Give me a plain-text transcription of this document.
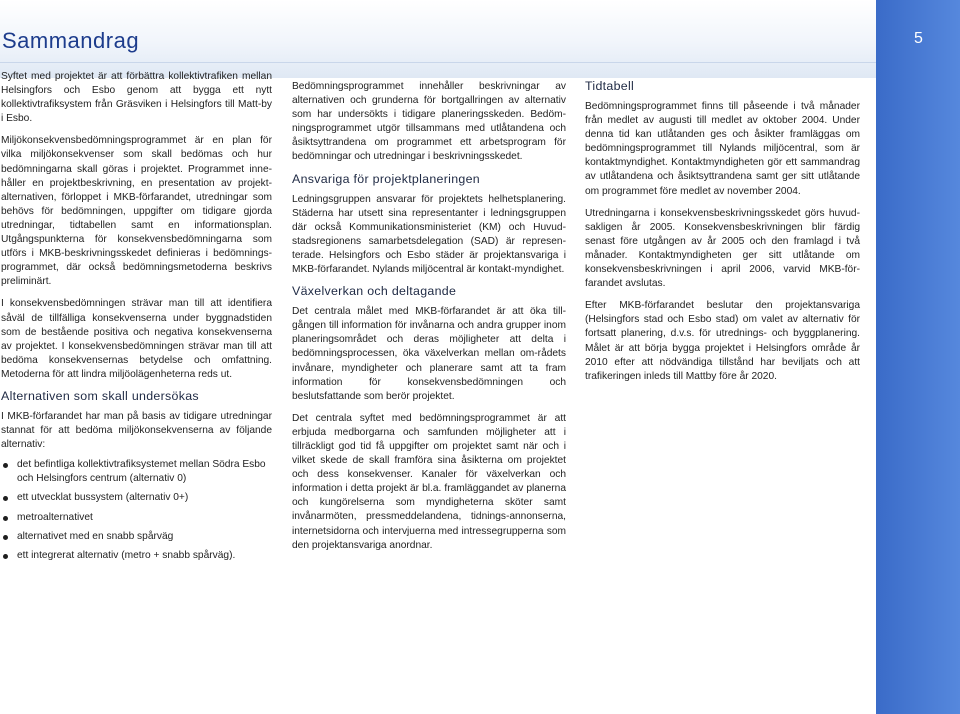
Sammandrag	5

Syftet med projektet är att förbättra kollektivtrafiken mellan Helsingfors och Esbo genom att bygga ett nytt kollektivtrafiksystem från Gräsviken i Helsingfors till Matt-by i Esbo.

Miljökonsekvensbedömningsprogrammet är en plan för vilka miljökonsekvenser som skall bedömas och hur bedömningarna skall göras i projektet. Programmet inne-håller en projektbeskrivning, en presentation av projekt-alternativen, förloppet i MKB-förfarandet, utredningar som behövs för bedömningen, uppgifter om tidigare gjorda utredningar, tidtabellen samt en informationsplan. Utgångspunkterna för konsekvensbedömningarna som utförs i MKB-beskrivningsskedet definieras i bedömnings-programmet, där också bedömningsmetoderna beskrivs preliminärt.

I konsekvensbedömningen strävar man till att identifiera såväl de tillfälliga konsekvenserna under byggnadstiden som de bestående positiva och negativa konsekvenserna av projektet. I konsekvensbedömningen strävar man till att bedöma konsekvensernas betydelse och omfattning. Metoderna för att lindra miljöolägenheterna reds ut.

Alternativen som skall undersökas

I MKB-förfarandet har man på basis av tidigare utredningar stannat för att bedöma miljökonsekvenserna av följande alternativ:

det befintliga kollektivtrafiksystemet mellan Södra Esbo och Helsingfors centrum (alternativ 0)
ett utvecklat bussystem (alternativ 0+)
metroalternativet
alternativet med en snabb spårväg
ett integrerat alternativ (metro + snabb spårväg).

Bedömningsprogrammet innehåller beskrivningar av alternativen och grunderna för bortgallringen av alternativ som har undersökts i tidigare planeringsskeden. Bedöm-ningsprogrammet utgör tillsammans med utlåtandena och åsiktsyttrandena om programmet ett arbetsprogram för bedömningar och utredningar i beskrivningsskedet.

Ansvariga för projektplaneringen

Ledningsgruppen ansvarar för projektets helhetsplanering. Städerna har utsett sina representanter i ledningsgruppen där också Kommunikationsministeriet (KM) och Huvud-stadsregionens samarbetsdelegation (SAD) är represen-terade. Helsingfors och Esbo städer är projektansvariga i MKB-förfarandet. Nylands miljöcentral är kontakt-myndighet.

Växelverkan och deltagande

Det centrala målet med MKB-förfarandet är att öka till-gången till information för invånarna och andra grupper inom planeringsområdet och deras möjligheter att delta i bedömningsprocessen, öka växelverkan mellan om-rådets invånare, myndigheter och planerare samt att ta fram information för konsekvensbedömningen och beslutsfattande som berör projektet.

Det centrala syftet med bedömningsprogrammet är att erbjuda medborgarna och samfunden möjligheter att i tillräckligt god tid få uppgifter om projektet samt när och i vilket skede de skall framföra sina åsikterna om projektet och dess konsekvenser. Kanaler för växelverkan och information i detta projekt är bl.a. framläggandet av planerna och kungörelserna som myndigheterna sköter samt invånarmöten, pressmeddelandena, tidnings-annonserna, internetsidorna och intervjuerna med intressegrupperna som den projektansvariga anordnar.

Tidtabell

Bedömningsprogrammet finns till påseende i två månader från medlet av augusti till medlet av oktober 2004. Under denna tid kan utlåtanden ges och åsikter framläggas om bedömningsprogrammet till Nylands miljöcentral, som är kontaktmyndighet. Kontaktmyndigheten gör ett sammandrag av utlåtandena och åsiktsyttrandena samt ger sitt utlåtande om programmet före medlet av november 2004.

Utredningarna i konsekvensbeskrivningsskedet görs huvud-sakligen år 2005. Konsekvensbeskrivningen blir färdig senast före utgången av år 2005 och den framlagd i två månader. Kontaktmyndigheten ger sitt utlåtande om konsekvensbeskrivningen i april 2006, varvid MKB-för-farandet avslutas.

Efter MKB-förfarandet beslutar den projektansvariga (Helsingfors stad och Esbo stad) om valet av alternativ för fortsatt planering, d.v.s. för utrednings- och byggplanering. Målet är att börja bygga projektet i Helsingfors område år 2010 efter att nödvändiga tillstånd har beviljats och att trafikeringen inleds till Mattby före år 2020.
